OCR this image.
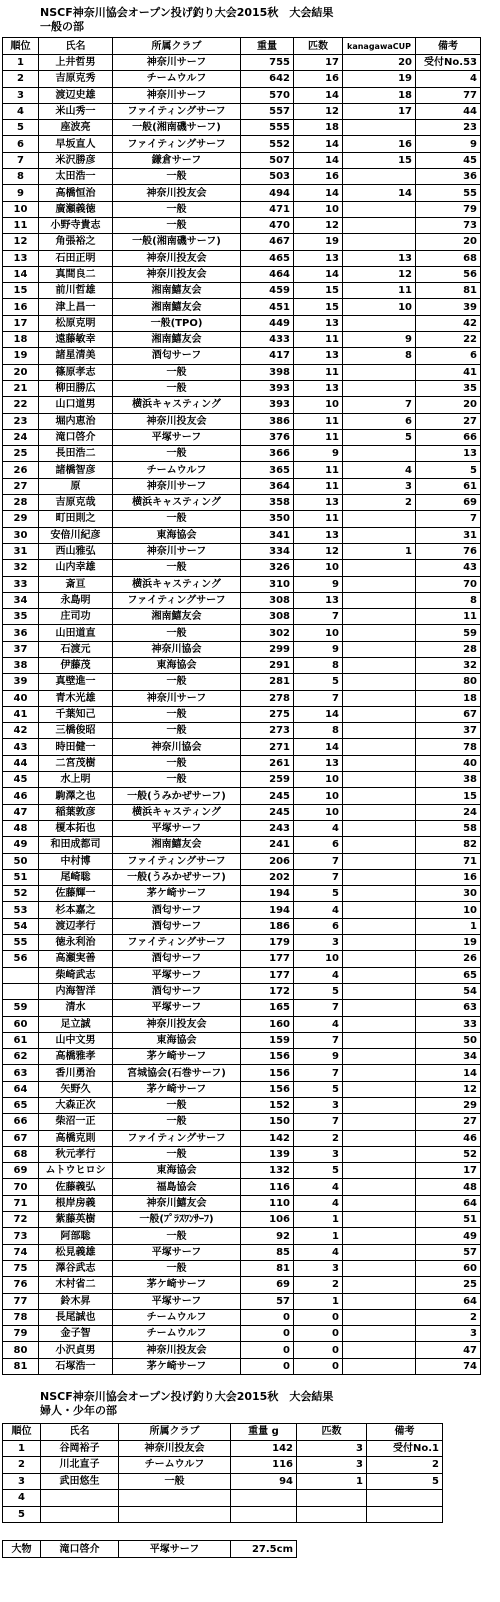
NSCF神奈川協会オープン投げ釣り大会2015秋　大会結果
一般の部
順位	氏名	所属クラブ	重量	匹数	kanagawaCUP	備考
1	上井哲男	神奈川サーフ	755	17	20	受付No.53
2	吉原克秀	チームウルフ	642	16	19	4
3	渡辺史雄	神奈川サーフ	570	14	18	77
4	米山秀一	ファイティングサーフ	557	12	17	44
5	座波亮	一般(湘南磯サーフ)	555	18		23
6	早坂直人	ファイティングサーフ	552	14	16	9
7	米沢勝彦	鎌倉サーフ	507	14	15	45
8	太田浩一	一般	503	16		36
9	高橋恒治	神奈川投友会	494	14	14	55
10	廣瀬義徳	一般	471	10		79
11	小野寺貴志	一般	470	12		73
12	角張裕之	一般(湘南磯サーフ)	467	19		20
13	石田正明	神奈川投友会	465	13	13	68
14	真間良二	神奈川投友会	464	14	12	56
15	前川哲雄	湘南鱚友会	459	15	11	81
16	津上昌一	湘南鱚友会	451	15	10	39
17	松原克明	一般(TPO)	449	13		42
18	遠藤敏幸	湘南鱚友会	433	11	9	22
19	諸星清美	酒匂サーフ	417	13	8	6
20	篠原孝志	一般	398	11		41
21	柳田勝広	一般	393	13		35
22	山口道男	横浜キャスティング	393	10	7	20
23	堀内恵治	神奈川投友会	386	11	6	27
24	滝口啓介	平塚サーフ	376	11	5	66
25	長田浩二	一般	366	9		13
26	諸橋智彦	チームウルフ	365	11	4	5
27	原	神奈川サーフ	364	11	3	61
28	吉原克哉	横浜キャスティング	358	13	2	69
29	町田則之	一般	350	11		7
30	安倍川紀彦	東海協会	341	13		31
31	西山雅弘	神奈川サーフ	334	12	1	76
32	山内幸雄	一般	326	10		43
33	斎亘	横浜キャスティング	310	9		70
34	永島明	ファイティングサーフ	308	13		8
35	庄司功	湘南鱚友会	308	7		11
36	山田道直	一般	302	10		59
37	石渡元	神奈川協会	299	9		28
38	伊藤茂	東海協会	291	8		32
39	真壁進一	一般	281	5		80
40	青木光雄	神奈川サーフ	278	7		18
41	千葉知己	一般	275	14		67
42	三橋俊昭	一般	273	8		37
43	時田健一	神奈川協会	271	14		78
44	二宮茂樹	一般	261	13		40
45	水上明	一般	259	10		38
46	駒澤之也	一般(うみかぜサーフ)	245	10		15
47	稲葉敦彦	横浜キャスティング	245	10		24
48	榎本拓也	平塚サーフ	243	4		58
49	和田成都司	湘南鱚友会	241	6		82
50	中村博	ファイティングサーフ	206	7		71
51	尾崎聡	一般(うみかぜサーフ)	202	7		16
52	佐藤輝一	茅ケ崎サーフ	194	5		30
53	杉本嘉之	酒匂サーフ	194	4		10
54	渡辺孝行	酒匂サーフ	186	6		1
55	徳永利治	ファイティングサーフ	179	3		19
56	高瀬実善	酒匂サーフ	177	10		26
	柴崎武志	平塚サーフ	177	4		65
	内海智洋	酒匂サーフ	172	5		54
59	清水	平塚サーフ	165	7		63
60	足立誠	神奈川投友会	160	4		33
61	山中文男	東海協会	159	7		50
62	高橋雅孝	茅ケ崎サーフ	156	9		34
63	香川勇治	宮城協会(石巻サーフ)	156	7		14
64	矢野久	茅ケ崎サーフ	156	5		12
65	大森正次	一般	152	3		29
66	柴沼一正	一般	150	7		27
67	高橋克則	ファイティングサーフ	142	2		46
68	秋元孝行	一般	139	3		52
69	ムトウヒロシ	東海協会	132	5		17
70	佐藤義弘	福島協会	116	4		48
71	根岸房義	神奈川鱚友会	110	4		64
72	紫藤英樹	一般(ﾌﾟﾗｽﾜﾝｻｰﾌ)	106	1		51
73	阿部聡	一般	92	1		49
74	松見義雄	平塚サーフ	85	4		57
75	澤谷武志	一般	81	3		60
76	木村省二	茅ケ崎サーフ	69	2		25
77	鈴木昇	平塚サーフ	57	1		64
78	長尾誠也	チームウルフ	0	0		2
79	金子智	チームウルフ	0	0		3
80	小沢貞男	神奈川投友会	0	0		47
81	石塚浩一	茅ケ崎サーフ	0	0		74
NSCF神奈川協会オープン投げ釣り大会2015秋　大会結果
婦人・少年の部
順位	氏名	所属クラブ	重量 g	匹数	備考
1	谷岡裕子	神奈川投友会	142	3	受付No.1
2	川北直子	チームウルフ	116	3	2
3	武田悠生	一般	94	1	5
4					
5					
大物	滝口啓介	平塚サーフ	27.5cm
